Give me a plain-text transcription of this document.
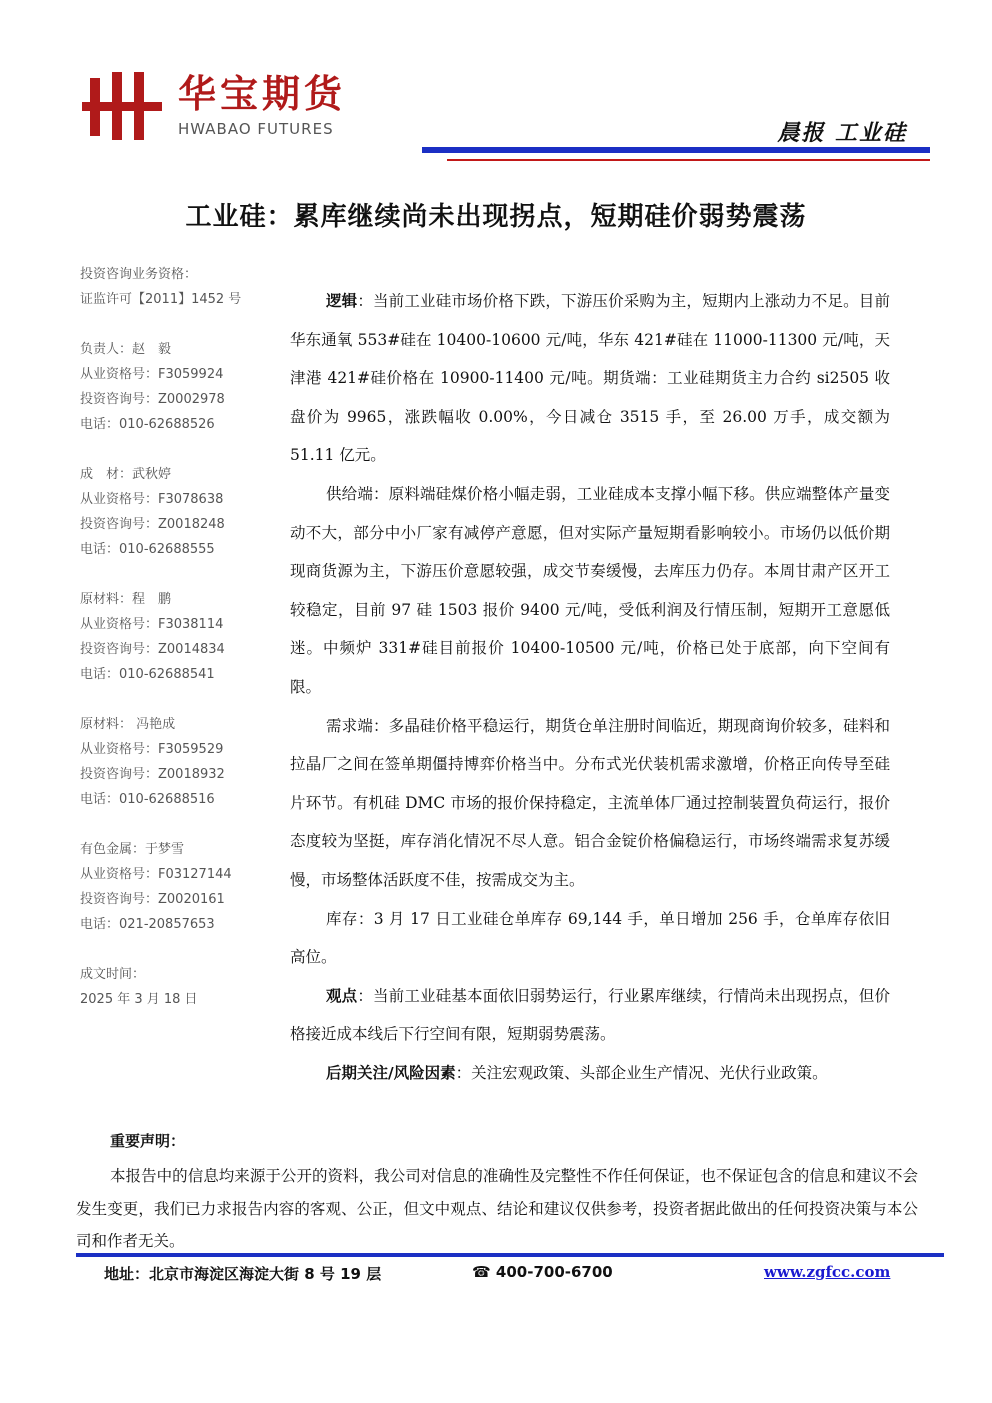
华宝期货
HWABAO FUTURES	晨报 工业硅
工业硅：累库继续尚未出现拐点，短期硅价弱势震荡
投资咨询业务资格：
证监许可【2011】1452 号
负责人：赵　毅
从业资格号：F3059924
投资咨询号：Z0002978
电话：010-62688526
成　材：武秋婷
从业资格号：F3078638
投资咨询号：Z0018248
电话：010-62688555
原材料：程　鹏
从业资格号：F3038114
投资咨询号：Z0014834
电话：010-62688541
原材料： 冯艳成
从业资格号：F3059529
投资咨询号：Z0018932
电话：010-62688516
有色金属：于梦雪
从业资格号：F03127144
投资咨询号：Z0020161
电话：021-20857653
成文时间：
2025 年 3 月 18 日

逻辑：当前工业硅市场价格下跌，下游压价采购为主，短期内上涨动力不足。目前华东通氧 553#硅在 10400-10600 元/吨，华东 421#硅在 11000-11300 元/吨，天津港 421#硅价格在 10900-11400 元/吨。期货端：工业硅期货主力合约 si2505 收盘价为 9965，涨跌幅收 0.00%，今日减仓 3515 手，至 26.00 万手，成交额为 51.11 亿元。

供给端：原料端硅煤价格小幅走弱，工业硅成本支撑小幅下移。供应端整体产量变动不大，部分中小厂家有减停产意愿，但对实际产量短期看影响较小。市场仍以低价期现商货源为主，下游压价意愿较强，成交节奏缓慢，去库压力仍存。本周甘肃产区开工较稳定，目前 97 硅 1503 报价 9400 元/吨，受低利润及行情压制，短期开工意愿低迷。中频炉 331#硅目前报价 10400-10500 元/吨，价格已处于底部，向下空间有限。

需求端：多晶硅价格平稳运行，期货仓单注册时间临近，期现商询价较多，硅料和拉晶厂之间在签单期僵持博弈价格当中。分布式光伏装机需求激增，价格正向传导至硅片环节。有机硅 DMC 市场的报价保持稳定，主流单体厂通过控制装置负荷运行，报价态度较为坚挺，库存消化情况不尽人意。铝合金锭价格偏稳运行，市场终端需求复苏缓慢，市场整体活跃度不佳，按需成交为主。

库存：3 月 17 日工业硅仓单库存 69,144 手，单日增加 256 手，仓单库存依旧高位。

观点：当前工业硅基本面依旧弱势运行，行业累库继续，行情尚未出现拐点，但价格接近成本线后下行空间有限，短期弱势震荡。

后期关注/风险因素：关注宏观政策、头部企业生产情况、光伏行业政策。

重要声明：

本报告中的信息均来源于公开的资料，我公司对信息的准确性及完整性不作任何保证，也不保证包含的信息和建议不会发生变更，我们已力求报告内容的客观、公正，但文中观点、结论和建议仅供参考，投资者据此做出的任何投资决策与本公司和作者无关。

地址：北京市海淀区海淀大街 8 号 19 层	☎ 400-700-6700	www.zgfcc.com
